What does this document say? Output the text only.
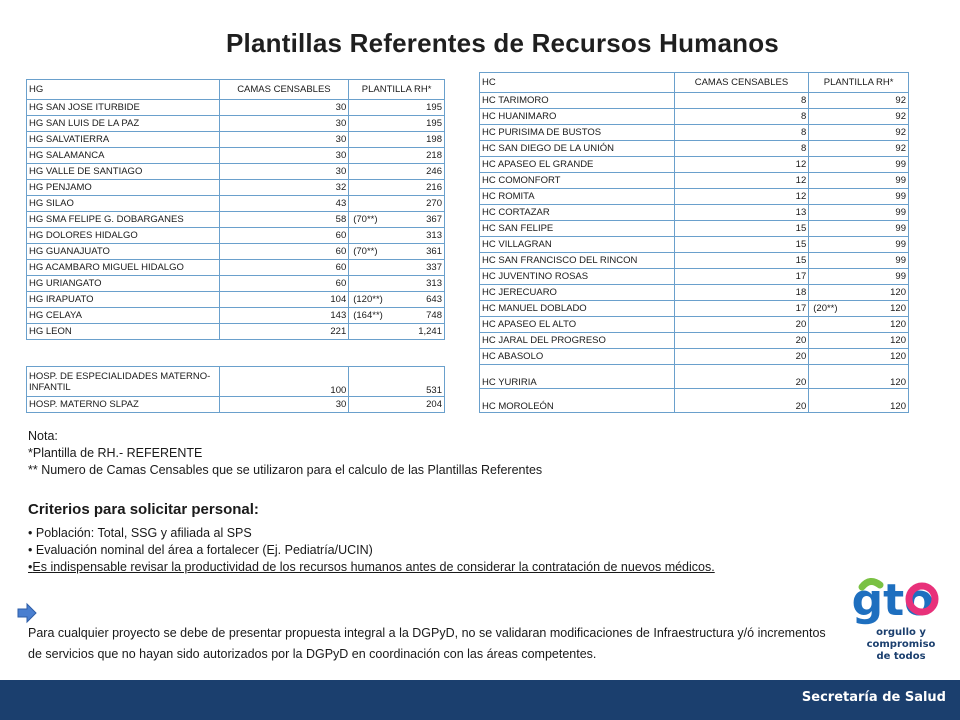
Plantillas Referentes de Recursos Humanos
HG	CAMAS CENSABLES	PLANTILLA RH*
HG SAN JOSE ITURBIDE	30	195

HG SAN LUIS DE LA PAZ	30	195

HG SALVATIERRA	30	198

HG SALAMANCA	30	218

HG VALLE DE SANTIAGO	30	246

HG PENJAMO	32	216

HG SILAO	43	270

HG SMA FELIPE G. DOBARGANES	58	(70**) 367

HG DOLORES HIDALGO	60	313

HG GUANAJUATO	60	(70**) 361

HG ACAMBARO MIGUEL HIDALGO	60	337

HG URIANGATO	60	313

HG IRAPUATO	104	(120**) 643

HG CELAYA	143	(164**) 748

HG LEON	221	1,241
HOSP. DE ESPECIALIDADES MATERNO-INFANTIL	100	531
HOSP. MATERNO SLPAZ	30	204
HC	CAMAS CENSABLES	PLANTILLA RH*
HC TARIMORO	8	92

HC HUANIMARO	8	92

HC PURISIMA DE BUSTOS	8	92

HC SAN DIEGO DE LA UNIÓN	8	92

HC APASEO EL GRANDE	12	99

HC COMONFORT	12	99

HC ROMITA	12	99

HC CORTAZAR	13	99

HC SAN FELIPE	15	99

HC VILLAGRAN	15	99

HC SAN FRANCISCO DEL RINCON	15	99

HC JUVENTINO ROSAS	17	99

HC JERECUARO	18	120

HC MANUEL DOBLADO	17	(20**) 120

HC APASEO EL ALTO	20	120

HC JARAL DEL PROGRESO	20	120

HC ABASOLO	20	120

HC YURIRIA	20	120

HC MOROLEÓN	20	120
Nota:
*Plantilla de RH.- REFERENTE
** Numero de Camas Censables que se utilizaron para el calculo de las Plantillas Referentes
Criterios para solicitar personal:
• Población: Total, SSG y afiliada al SPS
• Evaluación nominal del área a fortalecer (Ej. Pediatría/UCIN)
•Es indispensable revisar la productividad de los recursos humanos antes de considerar la contratación de nuevos médicos.
Para cualquier proyecto se debe de presentar propuesta integral a la DGPyD, no se validaran modificaciones de Infraestructura y/ó incrementos de servicios que no hayan sido autorizados por la DGPyD en coordinación con las áreas competentes.
gto
orgullo y
compromiso
de todos
Secretaría de Salud
